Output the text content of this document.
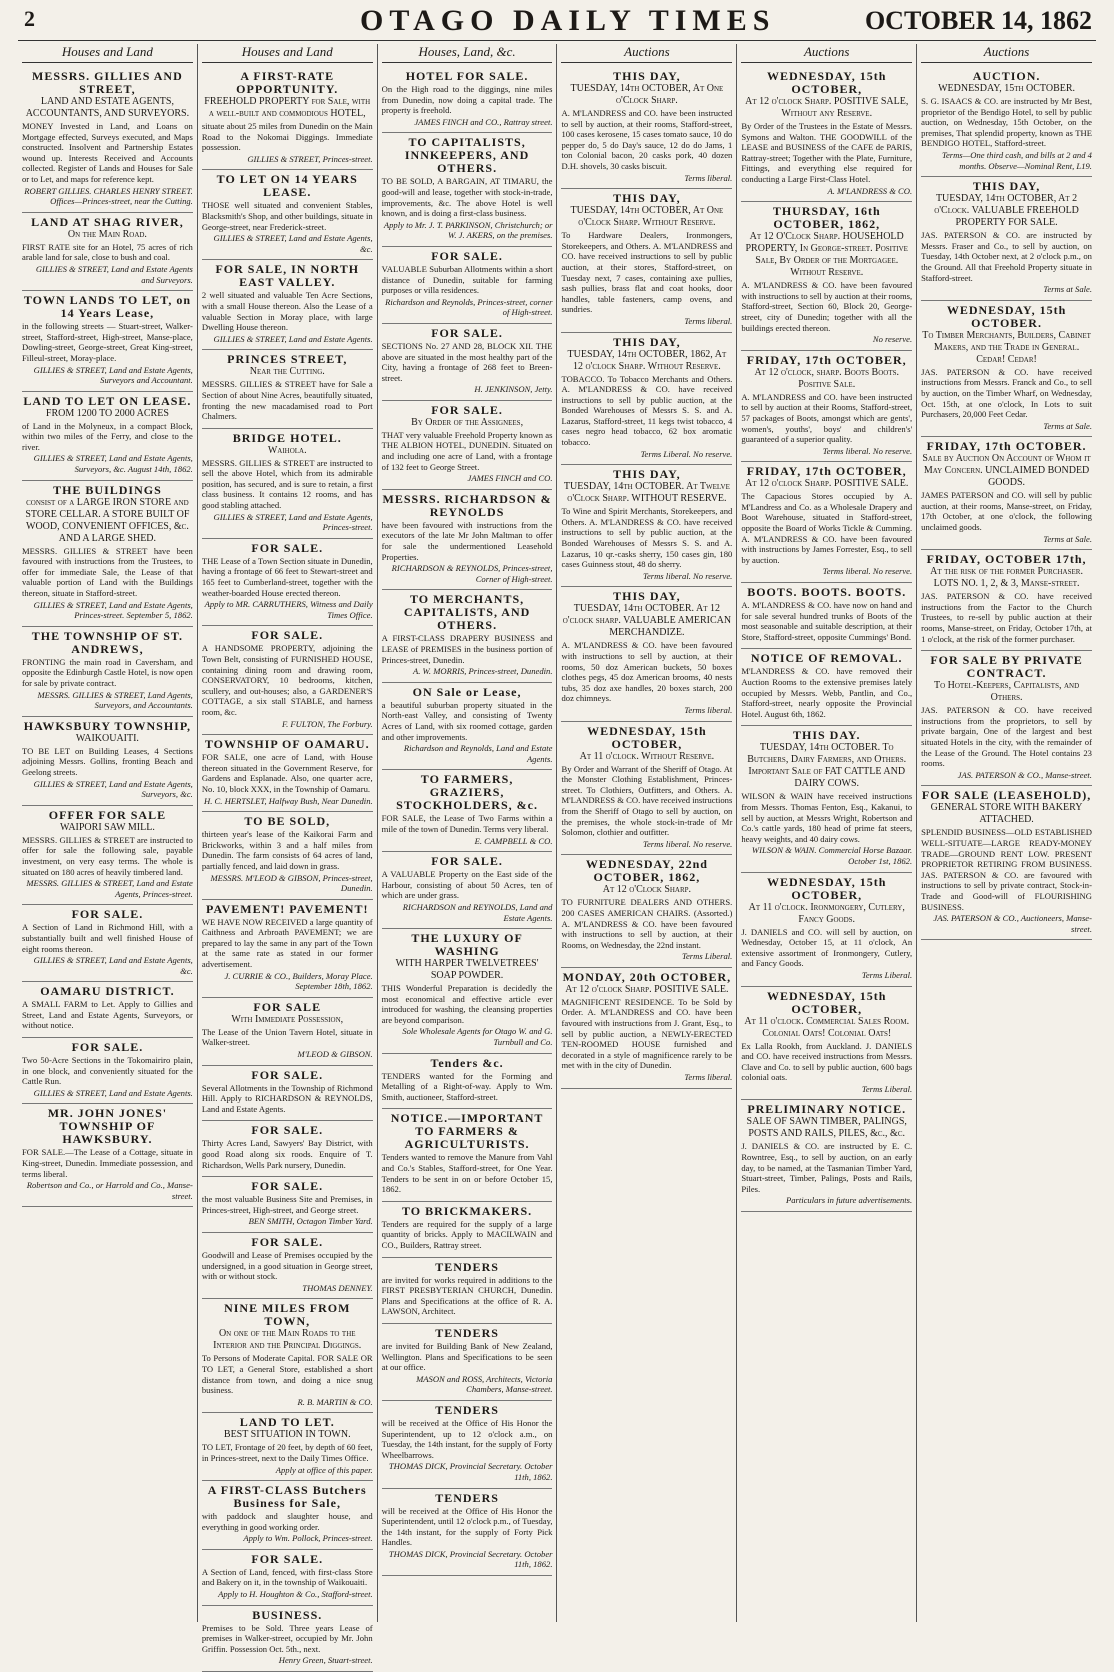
2	OTAGO DAILY TIMES	OCTOBER 14, 1862
Houses and Land
MESSRS. GILLIES AND STREET,
LAND AND ESTATE AGENTS, ACCOUNTANTS, AND SURVEYORS.

MONEY Invested in Land, and Loans on Mortgage effected, Surveys executed, and Maps constructed. Insolvent and Partnership Estates wound up. Interests Received and Accounts collected. Register of Lands and Houses for Sale or to Let, and maps for reference kept.

ROBERT GILLIES. CHARLES HENRY STREET. Offices—Princes-street, near the Cutting.
LAND AT SHAG RIVER,
On the Main Road.

FIRST RATE site for an Hotel, 75 acres of rich arable land for sale, close to bush and coal.

GILLIES & STREET, Land and Estate Agents and Surveyors.
TOWN LANDS TO LET, on 14 Years Lease,

in the following streets — Stuart-street, Walker-street, Stafford-street, High-street, Manse-place, Dowling-street, George-street, Great King-street, Filleul-street, Moray-place.

GILLIES & STREET, Land and Estate Agents, Surveyors and Accountant.
LAND TO LET ON LEASE.
FROM 1200 TO 2000 ACRES

of Land in the Molyneux, in a compact Block, within two miles of the Ferry, and close to the river.

GILLIES & STREET, Land and Estate Agents, Surveyors, &c. August 14th, 1862.
THE BUILDINGS
consist of a LARGE IRON STORE and STORE CELLAR. A STORE BUILT OF WOOD, CONVENIENT OFFICES, &c. AND A LARGE SHED.

MESSRS. GILLIES & STREET have been favoured with instructions from the Trustees, to offer for immediate Sale, the Lease of that valuable portion of Land with the Buildings thereon, situate in Stafford-street.

GILLIES & STREET, Land and Estate Agents, Princes-street. September 5, 1862.
THE TOWNSHIP OF ST. ANDREWS,

FRONTING the main road in Caversham, and opposite the Edinburgh Castle Hotel, is now open for sale by private contract.

MESSRS. GILLIES & STREET, Land Agents, Surveyors, and Accountants.
HAWKSBURY TOWNSHIP,
WAIKOUAITI.

TO BE LET on Building Leases, 4 Sections adjoining Messrs. Gollins, fronting Beach and Geelong streets.

GILLIES & STREET, Land and Estate Agents, Surveyors, &c.
OFFER FOR SALE
WAIPORI SAW MILL.

MESSRS. GILLIES & STREET are instructed to offer for sale the following sale, payable investment, on very easy terms. The whole is situated on 180 acres of heavily timbered land.

MESSRS. GILLIES & STREET, Land and Estate Agents, Princes-street.
FOR SALE.

A Section of Land in Richmond Hill, with a substantially built and well finished House of eight rooms thereon.

GILLIES & STREET, Land and Estate Agents, &c.
OAMARU DISTRICT.

A SMALL FARM to Let. Apply to Gillies and Street, Land and Estate Agents, Surveyors, or without notice.

FOR SALE.

Two 50-Acre Sections in the Tokomairiro plain, in one block, and conveniently situated for the Cattle Run.

GILLIES & STREET, Land and Estate Agents.
MR. JOHN JONES' TOWNSHIP OF HAWKSBURY.

FOR SALE.—The Lease of a Cottage, situate in King-street, Dunedin. Immediate possession, and terms liberal.

Robertson and Co., or Harrold and Co., Manse-street.
Houses and Land
A FIRST-RATE OPPORTUNITY.
FREEHOLD PROPERTY for Sale, with a well-built and commodious HOTEL,

situate about 25 miles from Dunedin on the Main Road to the Nokomai Diggings. Immediate possession.

GILLIES & STREET, Princes-street.
TO LET ON 14 YEARS LEASE.

THOSE well situated and convenient Stables, Blacksmith's Shop, and other buildings, situate in George-street, near Frederick-street.

GILLIES & STREET, Land and Estate Agents, &c.
FOR SALE, IN NORTH EAST VALLEY.

2 well situated and valuable Ten Acre Sections, with a small House thereon. Also the Lease of a valuable Section in Moray place, with large Dwelling House thereon.

GILLIES & STREET, Land and Estate Agents.
PRINCES STREET,
Near the Cutting.

MESSRS. GILLIES & STREET have for Sale a Section of about Nine Acres, beautifully situated, fronting the new macadamised road to Port Chalmers.

BRIDGE HOTEL.
Waihola.

MESSRS. GILLIES & STREET are instructed to sell the above Hotel, which from its admirable position, has secured, and is sure to retain, a first class business. It contains 12 rooms, and has good stabling attached.

GILLIES & STREET, Land and Estate Agents, Princes-street.
FOR SALE.

THE Lease of a Town Section situate in Dunedin, having a frontage of 66 feet to Stewart-street and 165 feet to Cumberland-street, together with the weather-boarded House erected thereon.

Apply to MR. CARRUTHERS, Witness and Daily Times Office.
FOR SALE.

A HANDSOME PROPERTY, adjoining the Town Belt, consisting of FURNISHED HOUSE, containing dining room and drawing room, CONSERVATORY, 10 bedrooms, kitchen, scullery, and out-houses; also, a GARDENER'S COTTAGE, a six stall STABLE, and harness room, &c.

F. FULTON, The Forbury.
TOWNSHIP OF OAMARU.

FOR SALE, one acre of Land, with House thereon situated in the Government Reserve, for Gardens and Esplanade. Also, one quarter acre, No. 10, block XXX, in the Township of Oamaru.

H. C. HERTSLET, Halfway Bush, Near Dunedin.
TO BE SOLD,

thirteen year's lease of the Kaikorai Farm and Brickworks, within 3 and a half miles from Dunedin. The farm consists of 64 acres of land, partially fenced, and laid down in grass.

MESSRS. M'LEOD & GIBSON, Princes-street, Dunedin.
PAVEMENT! PAVEMENT!

WE HAVE NOW RECEIVED a large quantity of Caithness and Arbroath PAVEMENT; we are prepared to lay the same in any part of the Town at the same rate as stated in our former advertisement.

J. CURRIE & CO., Builders, Moray Place. September 18th, 1862.
FOR SALE
With Immediate Possession,

The Lease of the Union Tavern Hotel, situate in Walker-street.

M'LEOD & GIBSON.
FOR SALE.

Several Allotments in the Township of Richmond Hill. Apply to RICHARDSON & REYNOLDS, Land and Estate Agents.

FOR SALE.

Thirty Acres Land, Sawyers' Bay District, with good Road along six roods. Enquire of T. Richardson, Wells Park nursery, Dunedin.

FOR SALE.

the most valuable Business Site and Premises, in Princes-street, High-street, and George street.

BEN SMITH, Octagon Timber Yard.
FOR SALE.

Goodwill and Lease of Premises occupied by the undersigned, in a good situation in George street, with or without stock.

THOMAS DENNEY.
NINE MILES FROM TOWN,
On one of the Main Roads to the Interior and the Principal Diggings.

To Persons of Moderate Capital. FOR SALE OR TO LET, a General Store, established a short distance from town, and doing a nice snug business.

R. B. MARTIN & CO.
LAND TO LET.
BEST SITUATION IN TOWN.

TO LET, Frontage of 20 feet, by depth of 60 feet, in Princes-street, next to the Daily Times Office.

Apply at office of this paper.
A FIRST-CLASS Butchers Business for Sale,

with paddock and slaughter house, and everything in good working order.

Apply to Wm. Pollock, Princes-street.
FOR SALE.

A Section of Land, fenced, with first-class Store and Bakery on it, in the township of Waikouaiti.

Apply to H. Houghton & Co., Stafford-street.
BUSINESS.

Premises to be Sold. Three years Lease of premises in Walker-street, occupied by Mr. John Griffin. Possession Oct. 5th., next.

Henry Green, Stuart-street.
Houses, Land, &c.
HOTEL FOR SALE.

On the High road to the diggings, nine miles from Dunedin, now doing a capital trade. The property is freehold.

JAMES FINCH and CO., Rattray street.
TO CAPITALISTS, INNKEEPERS, AND OTHERS.

TO BE SOLD, A BARGAIN, AT TIMARU, the good-will and lease, together with stock-in-trade, improvements, &c. The above Hotel is well known, and is doing a first-class business.

Apply to Mr. J. T. PARKINSON, Christchurch; or W. J. AKERS, on the premises.
FOR SALE.

VALUABLE Suburban Allotments within a short distance of Dunedin, suitable for farming purposes or villa residences.

Richardson and Reynolds, Princes-street, corner of High-street.
FOR SALE.

SECTIONS No. 27 AND 28, BLOCK XII. THE above are situated in the most healthy part of the City, having a frontage of 268 feet to Breen-street.

H. JENKINSON, Jetty.
FOR SALE.
By Order of the Assignees,

THAT very valuable Freehold Property known as THE ALBION HOTEL, DUNEDIN. Situated on and including one acre of Land, with a frontage of 132 feet to George Street.

JAMES FINCH and CO.
MESSRS. RICHARDSON & REYNOLDS

have been favoured with instructions from the executors of the late Mr John Maltman to offer for sale the undermentioned Leasehold Properties.

RICHARDSON & REYNOLDS, Princes-street, Corner of High-street.
TO MERCHANTS, CAPITALISTS, AND OTHERS.

A FIRST-CLASS DRAPERY BUSINESS and LEASE of PREMISES in the business portion of Princes-street, Dunedin.

A. W. MORRIS, Princes-street, Dunedin.
ON Sale or Lease,

a beautiful suburban property situated in the North-east Valley, and consisting of Twenty Acres of Land, with six roomed cottage, garden and other improvements.

Richardson and Reynolds, Land and Estate Agents.
TO FARMERS, GRAZIERS, STOCKHOLDERS, &c.

FOR SALE, the Lease of Two Farms within a mile of the town of Dunedin. Terms very liberal.

E. CAMPBELL & CO.
FOR SALE.

A VALUABLE Property on the East side of the Harbour, consisting of about 50 Acres, ten of which are under grass.

RICHARDSON and REYNOLDS, Land and Estate Agents.
THE LUXURY OF WASHING
WITH HARPER TWELVETREES' SOAP POWDER.

THIS Wonderful Preparation is decidedly the most economical and effective article ever introduced for washing, the cleansing properties are beyond comparison.

Sole Wholesale Agents for Otago W. and G. Turnbull and Co.
Tenders &c.

TENDERS wanted for the Forming and Metalling of a Right-of-way. Apply to Wm. Smith, auctioneer, Stafford-street.

NOTICE.—IMPORTANT TO FARMERS & AGRICULTURISTS.

Tenders wanted to remove the Manure from Vahl and Co.'s Stables, Stafford-street, for One Year. Tenders to be sent in on or before October 15, 1862.

TO BRICKMAKERS.

Tenders are required for the supply of a large quantity of bricks. Apply to MACILWAIN and CO., Builders, Rattray street.

TENDERS

are invited for works required in additions to the FIRST PRESBYTERIAN CHURCH, Dunedin. Plans and Specifications at the office of R. A. LAWSON, Architect.

TENDERS

are invited for Building Bank of New Zealand, Wellington. Plans and Specifications to be seen at our office.

MASON and ROSS, Architects, Victoria Chambers, Manse-street.
TENDERS

will be received at the Office of His Honor the Superintendent, up to 12 o'clock a.m., on Tuesday, the 14th instant, for the supply of Forty Wheelbarrows.

THOMAS DICK, Provincial Secretary. October 11th, 1862.
TENDERS

will be received at the Office of His Honor the Superintendent, until 12 o'clock p.m., of Tuesday, the 14th instant, for the supply of Forty Pick Handles.

THOMAS DICK, Provincial Secretary. October 11th, 1862.
Auctions
THIS DAY,
TUESDAY, 14th OCTOBER, At One o'Clock Sharp.

A. M'LANDRESS and CO. have been instructed to sell by auction, at their rooms, Stafford-street, 100 cases kerosene, 15 cases tomato sauce, 10 do pepper do, 5 do Day's sauce, 12 do do Jams, 1 ton Colonial bacon, 20 casks pork, 40 dozen D.H. shovels, 30 casks biscuit.

Terms liberal.
THIS DAY,
TUESDAY, 14th OCTOBER, At One o'Clock Sharp. Without Reserve.

To Hardware Dealers, Ironmongers, Storekeepers, and Others. A. M'LANDRESS and CO. have received instructions to sell by public auction, at their stores, Stafford-street, on Tuesday next, 7 cases, containing axe pullies, sash pullies, brass flat and coat hooks, door handles, table fasteners, camp ovens, and sundries.

Terms liberal.
THIS DAY,
TUESDAY, 14th OCTOBER, 1862, At 12 o'clock Sharp. Without Reserve.

TOBACCO. To Tobacco Merchants and Others. A. M'LANDRESS & CO. have received instructions to sell by public auction, at the Bonded Warehouses of Messrs S. S. and A. Lazarus, Stafford-street, 11 kegs twist tobacco, 4 cases negro head tobacco, 62 box aromatic tobacco.

Terms Liberal. No reserve.
THIS DAY,
TUESDAY, 14th OCTOBER. At Twelve o'Clock Sharp. WITHOUT RESERVE.

To Wine and Spirit Merchants, Storekeepers, and Others. A. M'LANDRESS & CO. have received instructions to sell by public auction, at the Bonded Warehouses of Messrs S. S. and A. Lazarus, 10 qr.-casks sherry, 150 cases gin, 180 cases Guinness stout, 48 do sherry.

Terms liberal. No reserve.
THIS DAY,
TUESDAY, 14th OCTOBER. At 12 o'clock sharp. VALUABLE AMERICAN MERCHANDIZE.

A. M'LANDRESS & CO. have been favoured with instructions to sell by auction, at their rooms, 50 doz American buckets, 50 boxes clothes pegs, 45 doz American brooms, 40 nests tubs, 35 doz axe handles, 20 boxes starch, 200 doz chimneys.

Terms liberal.
WEDNESDAY, 15th OCTOBER,
At 11 o'clock. Without Reserve.

By Order and Warrant of the Sheriff of Otago. At the Monster Clothing Establishment, Princes-street. To Clothiers, Outfitters, and Others. A. M'LANDRESS & CO. have received instructions from the Sheriff of Otago to sell by auction, on the premises, the whole stock-in-trade of Mr Solomon, clothier and outfitter.

Terms liberal. No reserve.
WEDNESDAY, 22nd OCTOBER, 1862,
At 12 o'Clock Sharp.

TO FURNITURE DEALERS AND OTHERS. 200 CASES AMERICAN CHAIRS. (Assorted.) A. M'LANDRESS & CO. have been favoured with instructions to sell by auction, at their Rooms, on Wednesday, the 22nd instant.

Terms Liberal.
MONDAY, 20th OCTOBER,
At 12 o'clock Sharp. POSITIVE SALE.

MAGNIFICENT RESIDENCE. To be Sold by Order. A. M'LANDRESS and CO. have been favoured with instructions from J. Grant, Esq., to sell by public auction, a NEWLY-ERECTED TEN-ROOMED HOUSE furnished and decorated in a style of magnificence rarely to be met with in the city of Dunedin.

Terms liberal.
Auctions
WEDNESDAY, 15th OCTOBER,
At 12 o'clock Sharp. POSITIVE SALE, Without any Reserve.

By Order of the Trustees in the Estate of Messrs. Symons and Walton. THE GOODWILL of the LEASE and BUSINESS of the CAFE de PARIS, Rattray-street; Together with the Plate, Furniture, Fittings, and everything else required for conducting a Large First-Class Hotel.

A. M'LANDRESS & CO.
THURSDAY, 16th OCTOBER, 1862,
At 12 O'Clock Sharp. HOUSEHOLD PROPERTY, In George-street. Positive Sale, By Order of the Mortgagee. Without Reserve.

A. M'LANDRESS & CO. have been favoured with instructions to sell by auction at their rooms, Stafford-street, Section 60, Block 20, George-street, city of Dunedin; together with all the buildings erected thereon.

No reserve.
FRIDAY, 17th OCTOBER,
At 12 o'clock, sharp. Boots Boots. Positive Sale.

A. M'LANDRESS and CO. have been instructed to sell by auction at their Rooms, Stafford-street, 57 packages of Boots, amongst which are gents', women's, youths', boys' and children's' guaranteed of a superior quality.

Terms liberal. No reserve.
FRIDAY, 17th OCTOBER,
At 12 o'clock Sharp. POSITIVE SALE.

The Capacious Stores occupied by A. M'Landress and Co. as a Wholesale Drapery and Boot Warehouse, situated in Stafford-street, opposite the Board of Works Tickle & Cumming. A. M'LANDRESS & CO. have been favoured with instructions by James Forrester, Esq., to sell by auction.

Terms liberal. No reserve.
BOOTS. BOOTS. BOOTS.

A. M'LANDRESS & CO. have now on hand and for sale several hundred trunks of Boots of the most seasonable and suitable description, at their Store, Stafford-street, opposite Cummings' Bond.

NOTICE OF REMOVAL.

M'LANDRESS & CO. have removed their Auction Rooms to the extensive premises lately occupied by Messrs. Webb, Pantlin, and Co., Stafford-street, nearly opposite the Provincial Hotel. August 6th, 1862.

THIS DAY.
TUESDAY, 14th OCTOBER. To Butchers, Dairy Farmers, and Others. Important Sale of FAT CATTLE AND DAIRY COWS.

WILSON & WAIN have received instructions from Messrs. Thomas Fenton, Esq., Kakanui, to sell by auction, at Messrs Wright, Robertson and Co.'s cattle yards, 180 head of prime fat steers, heavy weights, and 40 dairy cows.

WILSON & WAIN. Commercial Horse Bazaar. October 1st, 1862.
WEDNESDAY, 15th OCTOBER,
At 11 o'clock. Ironmongery, Cutlery, Fancy Goods.

J. DANIELS and CO. will sell by auction, on Wednesday, October 15, at 11 o'clock, An extensive assortment of Ironmongery, Cutlery, and Fancy Goods.

Terms Liberal.
WEDNESDAY, 15th OCTOBER,
At 11 o'clock. Commercial Sales Room. Colonial Oats! Colonial Oats!

Ex Lalla Rookh, from Auckland. J. DANIELS and CO. have received instructions from Messrs. Clave and Co. to sell by public auction, 600 bags colonial oats.

Terms Liberal.
PRELIMINARY NOTICE.
SALE OF SAWN TIMBER, PALINGS, POSTS AND RAILS, PILES, &c., &c.

J. DANIELS & CO. are instructed by E. C. Rowntree, Esq., to sell by auction, on an early day, to be named, at the Tasmanian Timber Yard, Stuart-street, Timber, Palings, Posts and Rails, Piles.

Particulars in future advertisements.
Auctions
AUCTION.
WEDNESDAY, 15th OCTOBER.

S. G. ISAACS & CO. are instructed by Mr Best, proprietor of the Bendigo Hotel, to sell by public auction, on Wednesday, 15th October, on the premises, That splendid property, known as THE BENDIGO HOTEL, Stafford-street.

Terms—One third cash, and bills at 2 and 4 months. Observe—Nominal Rent, L19.
THIS DAY,
TUESDAY, 14th OCTOBER, At 2 o'Clock. VALUABLE FREEHOLD PROPERTY FOR SALE.

JAS. PATERSON & CO. are instructed by Messrs. Fraser and Co., to sell by auction, on Tuesday, 14th October next, at 2 o'clock p.m., on the Ground. All that Freehold Property situate in Stafford-street.

Terms at Sale.
WEDNESDAY, 15th OCTOBER.
To Timber Merchants, Builders, Cabinet Makers, and the Trade in General. Cedar! Cedar!

JAS. PATERSON & CO. have received instructions from Messrs. Franck and Co., to sell by auction, on the Timber Wharf, on Wednesday, Oct. 15th, at one o'clock, In Lots to suit Purchasers, 20,000 Feet Cedar.

Terms at Sale.
FRIDAY, 17th OCTOBER.
Sale by Auction On Account of Whom it May Concern. UNCLAIMED BONDED GOODS.

JAMES PATERSON and CO. will sell by public auction, at their rooms, Manse-street, on Friday, 17th October, at one o'clock, the following unclaimed goods.

Terms at Sale.
FRIDAY, OCTOBER 17th,
At the risk of the former Purchaser. LOTS NO. 1, 2, & 3, Manse-street.

JAS. PATERSON & CO. have received instructions from the Factor to the Church Trustees, to re-sell by public auction at their rooms, Manse-street, on Friday, October 17th, at 1 o'clock, at the risk of the former purchaser.

FOR SALE BY PRIVATE CONTRACT.
To Hotel-Keepers, Capitalists, and Others.

JAS. PATERSON & CO. have received instructions from the proprietors, to sell by private bargain, One of the largest and best situated Hotels in the city, with the remainder of the Lease of the Ground. The Hotel contains 23 rooms.

JAS. PATERSON & CO., Manse-street.
FOR SALE (LEASEHOLD),
GENERAL STORE WITH BAKERY ATTACHED.

SPLENDID BUSINESS—OLD ESTABLISHED WELL-SITUATE—LARGE READY-MONEY TRADE—GROUND RENT LOW. PRESENT PROPRIETOR RETIRING FROM BUSINESS. JAS. PATERSON & CO. are favoured with instructions to sell by private contract, Stock-in-Trade and Good-will of FLOURISHING BUSINESS.

JAS. PATERSON & CO., Auctioneers, Manse-street.
